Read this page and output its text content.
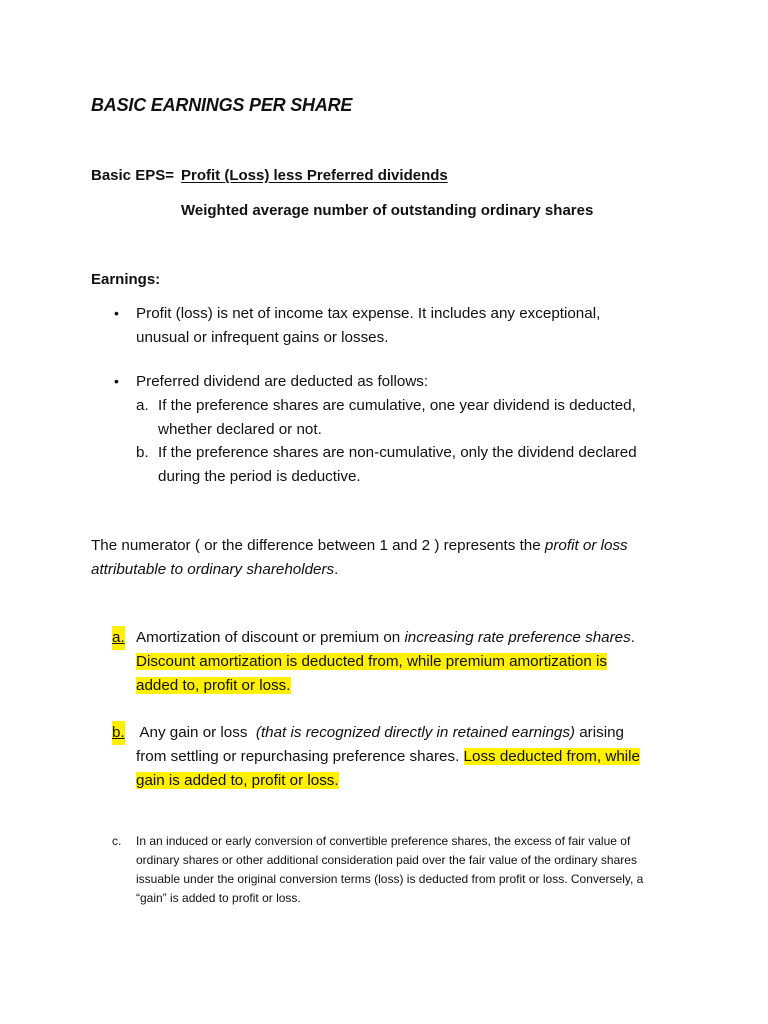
BASIC EARNINGS PER SHARE
Basic EPS= Profit (Loss) less Preferred dividends
Weighted average number of outstanding ordinary shares
Earnings:
• Profit (loss) is net of income tax expense. It includes any exceptional,
unusual or infrequent gains or losses.
• Preferred dividend are deducted as follows:
a. If the preference shares are cumulative, one year dividend is deducted,
whether declared or not.
b. If the preference shares are non-cumulative, only the dividend declared
during the period is deductive.
The numerator ( or the difference between 1 and 2 ) represents the profit or loss
attributable to ordinary shareholders.
a. Amortization of discount or premium on increasing rate preference shares.
Discount amortization is deducted from, while premium amortization is
added to, profit or loss.
b. Any gain or loss  (that is recognized directly in retained earnings) arising
from settling or repurchasing preference shares. Loss deducted from, while
gain is added to, profit or loss.
c. In an induced or early conversion of convertible preference shares, the excess of fair value of
ordinary shares or other additional consideration paid over the fair value of the ordinary shares
issuable under the original conversion terms (loss) is deducted from profit or loss. Conversely, a
“gain” is added to profit or loss.
